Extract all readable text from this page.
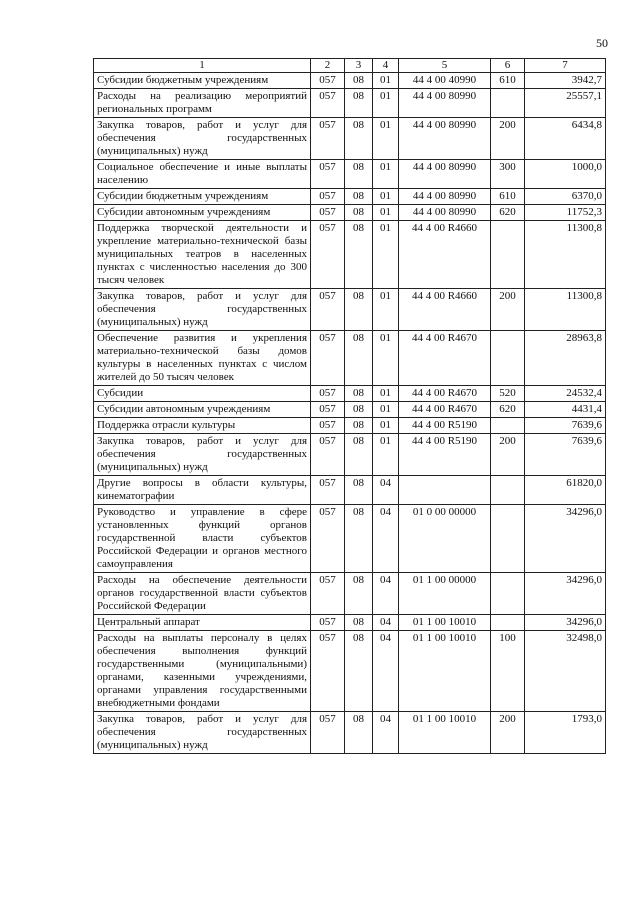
50
1	2	3	4	5	6	7
Субсидии бюджетным учреждениям	057	08	01	44 4 00 40990	610	3942,7
Расходы на реализацию мероприятий региональных программ	057	08	01	44 4 00 80990		25557,1
Закупка товаров, работ и услуг для обеспечения государственных (муниципальных) нужд	057	08	01	44 4 00 80990	200	6434,8
Социальное обеспечение и иные выплаты населению	057	08	01	44 4 00 80990	300	1000,0
Субсидии бюджетным учреждениям	057	08	01	44 4 00 80990	610	6370,0
Субсидии автономным учреждениям	057	08	01	44 4 00 80990	620	11752,3
Поддержка творческой деятельности и укрепление материально-технической базы муниципальных театров в населенных пунктах с численностью населения до 300 тысяч человек	057	08	01	44 4 00 R4660		11300,8
Закупка товаров, работ и услуг для обеспечения государственных (муниципальных) нужд	057	08	01	44 4 00 R4660	200	11300,8
Обеспечение развития и укрепления материально-технической базы домов культуры в населенных пунктах с числом жителей до 50 тысяч человек	057	08	01	44 4 00 R4670		28963,8
Субсидии	057	08	01	44 4 00 R4670	520	24532,4
Субсидии автономным учреждениям	057	08	01	44 4 00 R4670	620	4431,4
Поддержка отрасли культуры	057	08	01	44 4 00 R5190		7639,6
Закупка товаров, работ и услуг для обеспечения государственных (муниципальных) нужд	057	08	01	44 4 00 R5190	200	7639,6
Другие вопросы в области культуры, кинематографии	057	08	04			61820,0
Руководство и управление в сфере установленных функций органов государственной власти субъектов Российской Федерации и органов местного самоуправления	057	08	04	01 0 00 00000		34296,0
Расходы на обеспечение деятельности органов государственной власти субъектов Российской Федерации	057	08	04	01 1 00 00000		34296,0
Центральный аппарат	057	08	04	01 1 00 10010		34296,0
Расходы на выплаты персоналу в целях обеспечения выполнения функций государственными (муниципальными) органами, казенными учреждениями, органами управления государственными внебюджетными фондами	057	08	04	01 1 00 10010	100	32498,0
Закупка товаров, работ и услуг для обеспечения государственных (муниципальных) нужд	057	08	04	01 1 00 10010	200	1793,0
